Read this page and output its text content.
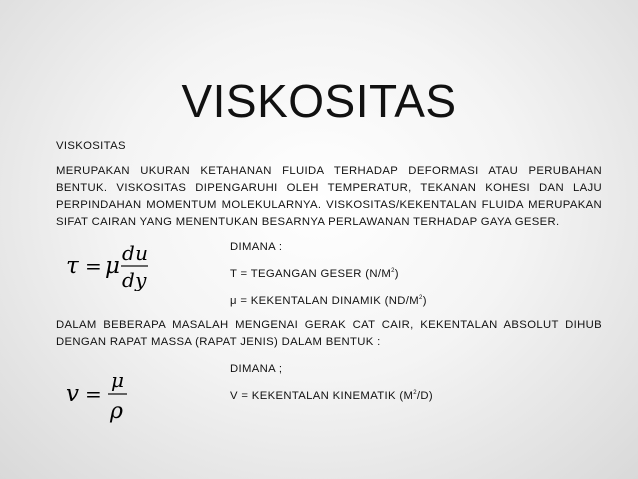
VISKOSITAS

VISKOSITAS

MERUPAKAN UKURAN KETAHANAN FLUIDA TERHADAP DEFORMASI ATAU PERUBAHAN BENTUK. VISKOSITAS DIPENGARUHI OLEH TEMPERATUR, TEKANAN KOHESI DAN LAJU PERPINDAHAN MOMENTUM MOLEKULARNYA. VISKOSITAS/KEKENTALAN FLUIDA MERUPAKAN SIFAT CAIRAN YANG MENENTUKAN BESARNYA PERLAWANAN TERHADAP GAYA GESER.

τ = μ du
dy

DIMANA :

T = TEGANGAN GESER $(N/M^2)$

μ = KEKENTALAN DINAMIK $(ND/M^2)$

DALAM BEBERAPA MASALAH MENGENAI GERAK CAT CAIR, KEKENTALAN ABSOLUT DIHUB DENGAN RAPAT MASSA (RAPAT JENIS) DALAM BENTUK :

v =
μ
ρ

DIMANA ;

V = KEKENTALAN KINEMATIK $(M^2/D)$
